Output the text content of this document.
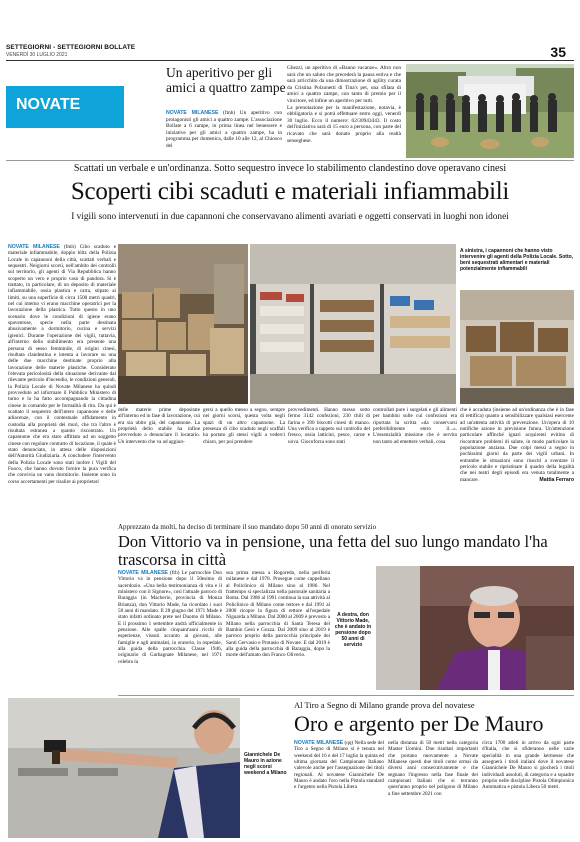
SETTEGIORNI - SETTEGIORNI BOLLATE
VENERDÌ 30 LUGLIO 2021	35
NOVATE
Un aperitivo per gli amici a quattro zampe
NOVATE MILANESE (fmh) Un aperitivo con protagonisti gli amici a quattro zampe. L'associazione Bollate a 6 zampe, in prima linea nel benessere e iniziative per gli amici a quattro zampe, ha in programma per domenica, dalle 10 alle 12, al Chiosco del
Ghezzi, un aperitivo di «Bauno vacanze». Altro non sarà che un saluto che precederà la pausa estiva e che sarà arricchito da una dimostrazione di agility curata da Cristina Polzonetti di Tina's pet, una sfilata di amici a quattro zampe, con tanto di premio per il vincitore, ed infine un aperitivo per tutti.
La prenotazione per la manifestazione, notavia, è obbligatoria e si potrà effettuare entro oggi, venerdì 30 luglio. Ecco il numero: 02/30943443. Il costo dell'iniziativa sarà di 15 euro a persona, con parte del ricavato che sarà donato proprio alla realtà senseghese.
Scattati un verbale e un'ordinanza. Sotto sequestro invece lo stabilimento clandestino dove operavano cinesi
Scoperti cibi scaduti e materiali infiammabili
I vigili sono intervenuti in due capannoni che conservavano alimenti avariati e oggetti conservati in luoghi non idonei
NOVATE MILANESE (fmh) Cibo scaduto e materiale infiammabile, doppio blitz della Polizia Locale in capannoni della città, scattati verbali e sequestri. Neigiorni scorsi, nell'ambito dei controlli sul territorio, gli agenti di Via Repubblica hanno scoperto un vero e proprio vaso di pandora. Si è trattato, in particolare, di un deposito di materiale infiammabile, ossia plastica e carta, stipato ai limiti, su una superficie di circa 1500 metri quadri, nel cui interno vi erano macchine operatrici per la lavorazione della plastica. Tutto questo in uno scenario dove le condizioni di igiene erano spaventose, specie nella parte destinata abusivamente a dormitorio, cucina e servizi igienici. Durante l'operazione dei vigili, tuttavia, all'interno dello stabilimento era presente una persona di sesso femminile, di origini cinesi, risultata clandestina e intenta a lavorare su una delle due macchine destinate proprio alla lavorazione delle materie plastiche. Considerato l'elevata pericolosità della situazione derivante dal rilevante pericolo d'incendio, le condizioni generali, la Polizia Locale di Novate Milanese ha quindi provveduto ad informare il Pubblico Ministero di turno e lo ha fatto accompagnando la cittadina cinese in comando per le formalità di rito. Da qui è scattato il sequestro dell'intero capannone e delle adiacenze, con il contestuale affidamento in custodia alla proprietà dei muri, che tra l'altro è risultata estranea a quanto riscontrato. Un capannone che era stato affittato ad un soggetto cinese con regolare contratto di locazione, il quale è stato denunciato, in attesa delle disposizioni dell'Autorità Giudiziaria. A concludere l'intervento della Polizia Locale sono stati inoltre i Vigili del Fuoco, che hanno dovuto fornire la pura verifica che convivia un vano dormitorio. Insieme sono in corso accertamenti per risalire ai proprietari
A sinistra, i capannoni che hanno visto intervenire gli agenti della Polizia Locale. Sotto, beni sequestrati alimentari e materiali potenzialmente infiammabili
delle materie prime depositate all'interno ed in fase di lavorazione, cui era sia ubito già, del capannone. La proprietà dello stabile ha infine provveduto a denunciare il locatario. Un intervento che va ad aggiun-
gersi a quello messo a segno, sempre nei giorni scorsi, questa volta negli spazi di un altro capannone. La presenza di cibo scaduto negli scaffali ha portato gli stessi vigili a vederci chiaro, per poi prendere
provvedimenti. Hanno messo sotto fermo 3142 confezioni, 230 chili di farina e 390 biscotti cinesi di manzo. Una verifica a tappeto sul controllo del fresco, ossia latticini, pesce, carne e uova. Giocoforza sono stati
controllati pure i surgelati e gli alimenti per bambini sulle cui confezioni era riportata la scritta «da conservarsi preferibilmente entro il...». L'essenzialità missione che è servita non tanto ad emettere verbali, cosa
che è accaduta (insieme ad un'ordinanza che è in fase di rettifica) quanto a sensibilizzare qualsiasi esercente ad un'attenta attività di prevenzione. Un'opera di 10 notifiche azione in previsione futura. Un'attenzione particolare affinché ignari acquirenti evitino di riscontrare problemi di salute, in modo particolare la popolazione anziana. Due colpi messi a segno in pochissimi giorni da parte dei vigili urbani. In entrambe le situazioni sono riusciti a sventare il pericolo stabile e ripristinare il quadro della legalità che nei teatri degli episodi era venuta totalmente a mancare.	Mattia Ferraro
Apprezzato da molti, ha deciso di terminare il suo mandato dopo 50 anni di onorato servizio
Don Vittorio va in pensione, una fetta del suo lungo mandato l'ha trascorsa in città
NOVATE MILANESE (frh) Le parrocchie Don Vittorio va in pensione dopo il 50esimo di sacerdozio. «Una bella testimonianza di vita e il ministero con il Signore», così l'attuale parroco di Baraggia (in Macherio, provincia di Monza Brianza), don Vittorio Made, ha ricordato i suoi 50 anni di mandato. Il 28 giugno del 1971 Made è stato infatti ordinato prete nel Duomo di Milano. E il prossimo 1 settembre andrà ufficialmente in pensione. Alle spalle cinquant'anni ricchi di esperienze, vissuti accanto ai giovani, alle famiglie e agli ammalati, in oratorio, in ospedale, alla guida della parrocchia. Classe 1946, originario di Garbagnate Milanese, nel 1971 celebra la
sua prima messa a Rogoredo, nella periferia milanese e dal 1978. Prosegue come cappellano al Policlinico di Milano sino al 1986. Nel frattempo si specializza nella pastorale sanitaria a Roma. Dal 1986 al 1991 continua la sua attività al Policlinico di Milano come rettore e dal 1991 al 2000 ricopre la figura di rettore all'ospedale Niguarda a Milano. Dal 2000 al 2009 è prevosto a Milano nella parrocchia di Santa Teresa del Bambin Gesù e Gozza. Dal 2009 sino al 2019 è parroco proprio della parrocchia principale dei Santi Gervasio e Protasio di Novate. E dal 2019 è alla guida della parrocchia di Baraggia, dopo la morte dell'amato don Franco Oliverio.
A destra, don Vittorio Made, che è andato in pensione dopo 50 anni di servizio
Al Tiro a Segno di Milano grande prova del novatese
Oro e argento per De Mauro
Giannichele De Mauro in azione negli scorsi weekend a Milano
NOVATE MILANESE (qq) Nella sede del Tiro a Segno di Milano si è tenuta nel weekend del 16 e del 17 luglio la quinta ed ultima giornata del Campionato Italiano valevole anche per l'assegnazione dei titoli regionali. Al novatese Giannichele De Mauro è andato l'oro nella Pistola standard e l'argento nella Pistola Libera
nella distanza di 50 metri nella categoria Master Uomini. Due risultati importanti che portano nuovamente a Novate Milanese questi due titoli come ormai da diversi anni consecutivamente e che segnano l'ingresso nella fase finale dei campionati Italiani che si terranno quest'anno proprio nel poligono di Milano a fine settembre 2021 con
circa 1700 atleti in arrivo da ogni parte d'Italia, che si sfideranno nelle varie specialità in una grande kermesse che assegnerà i titoli italiani dove il novatese Giannichele De Mauro si giocherà i titoli individuali assoluti, di categoria e a squadre proprio nelle discipline Pistola Olimpionica Automatica e pistola Libera 50 metri.
